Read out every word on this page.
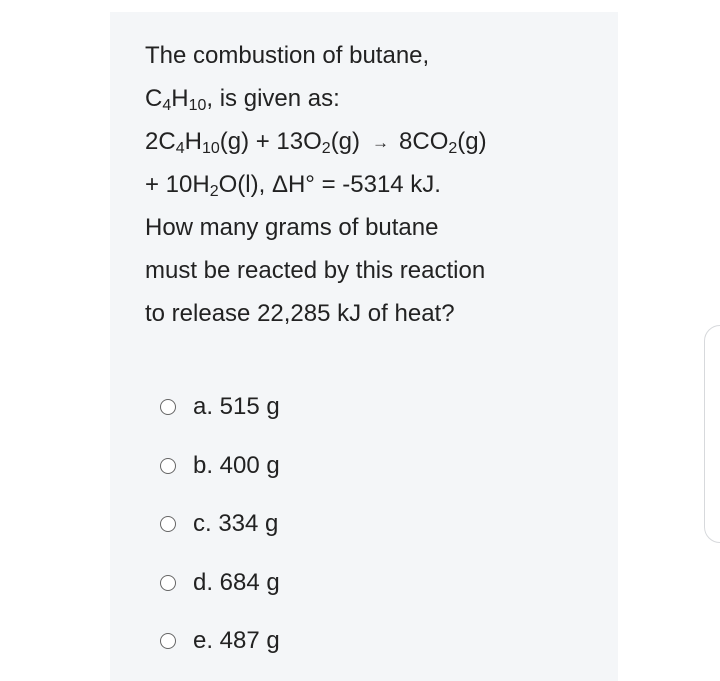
The combustion of butane,
$C_4H_{10}$, is given as:
$2C_4H_{10}(g) + 13O_2(g) \to 8CO_2(g)$
+ $10H_2O(l)$, ΔH° = -5314 kJ.
How many grams of butane
must be reacted by this reaction
to release 22,285 kJ of heat?
a. 515 g
b. 400 g
c. 334 g
d. 684 g
e. 487 g
